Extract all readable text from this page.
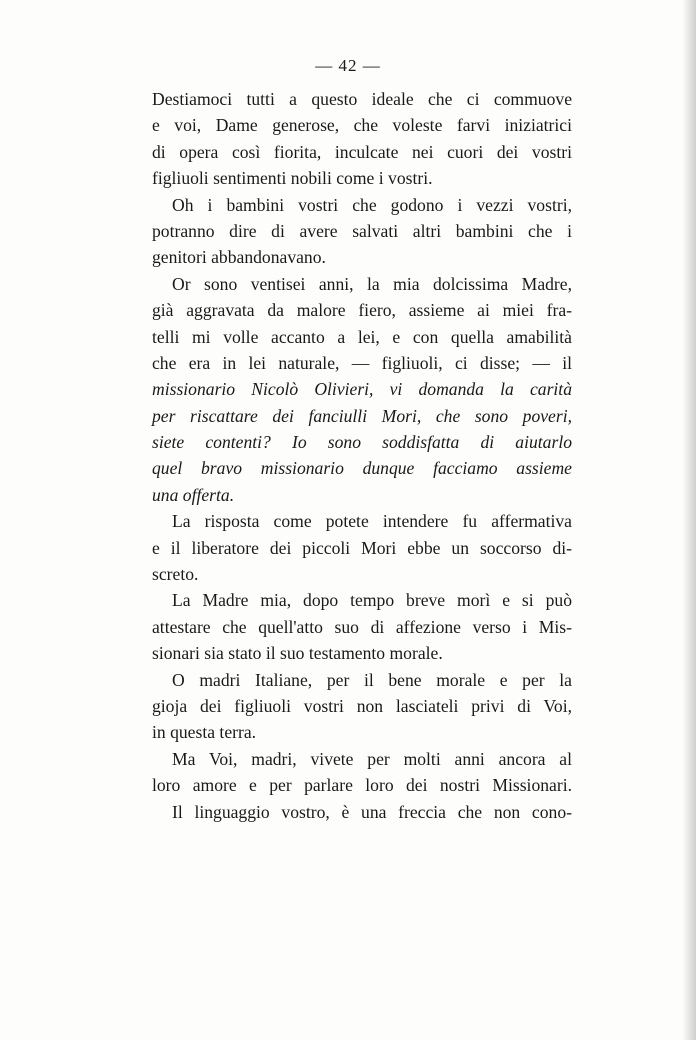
— 42 —
Destiamoci tutti a questo ideale che ci commuove
e voi, Dame generose, che voleste farvi iniziatrici
di opera così fiorita, inculcate nei cuori dei vostri
figliuoli sentimenti nobili come i vostri.
Oh i bambini vostri che godono i vezzi vostri,
potranno dire di avere salvati altri bambini che i
genitori abbandonavano.
Or sono ventisei anni, la mia dolcissima Madre,
già aggravata da malore fiero, assieme ai miei fra-
telli mi volle accanto a lei, e con quella amabilità
che era in lei naturale, — figliuoli, ci disse; — il
missionario Nicolò Olivieri, vi domanda la carità
per riscattare dei fanciulli Mori, che sono poveri,
siete contenti? Io sono soddisfatta di aiutarlo
quel bravo missionario dunque facciamo assieme
una offerta.
La risposta come potete intendere fu affermativa
e il liberatore dei piccoli Mori ebbe un soccorso di-
screto.
La Madre mia, dopo tempo breve morì e si può
attestare che quell'atto suo di affezione verso i Mis-
sionari sia stato il suo testamento morale.
O madri Italiane, per il bene morale e per la
gioja dei figliuoli vostri non lasciateli privi di Voi,
in questa terra.
Ma Voi, madri, vivete per molti anni ancora al
loro amore e per parlare loro dei nostri Missionari.
Il linguaggio vostro, è una freccia che non cono-
